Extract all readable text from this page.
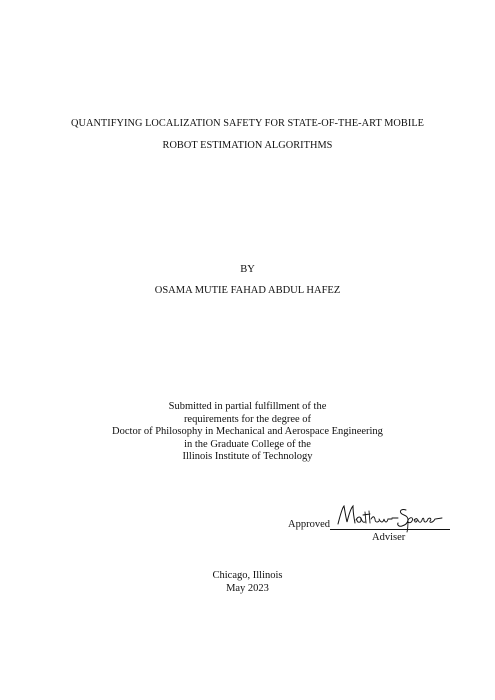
QUANTIFYING LOCALIZATION SAFETY FOR STATE-OF-THE-ART MOBILE
ROBOT ESTIMATION ALGORITHMS
BY
OSAMA MUTIE FAHAD ABDUL HAFEZ
Submitted in partial fulfillment of the
requirements for the degree of
Doctor of Philosophy in Mechanical and Aerospace Engineering
in the Graduate College of the
Illinois Institute of Technology
Approved
Adviser
Chicago, Illinois
May 2023
